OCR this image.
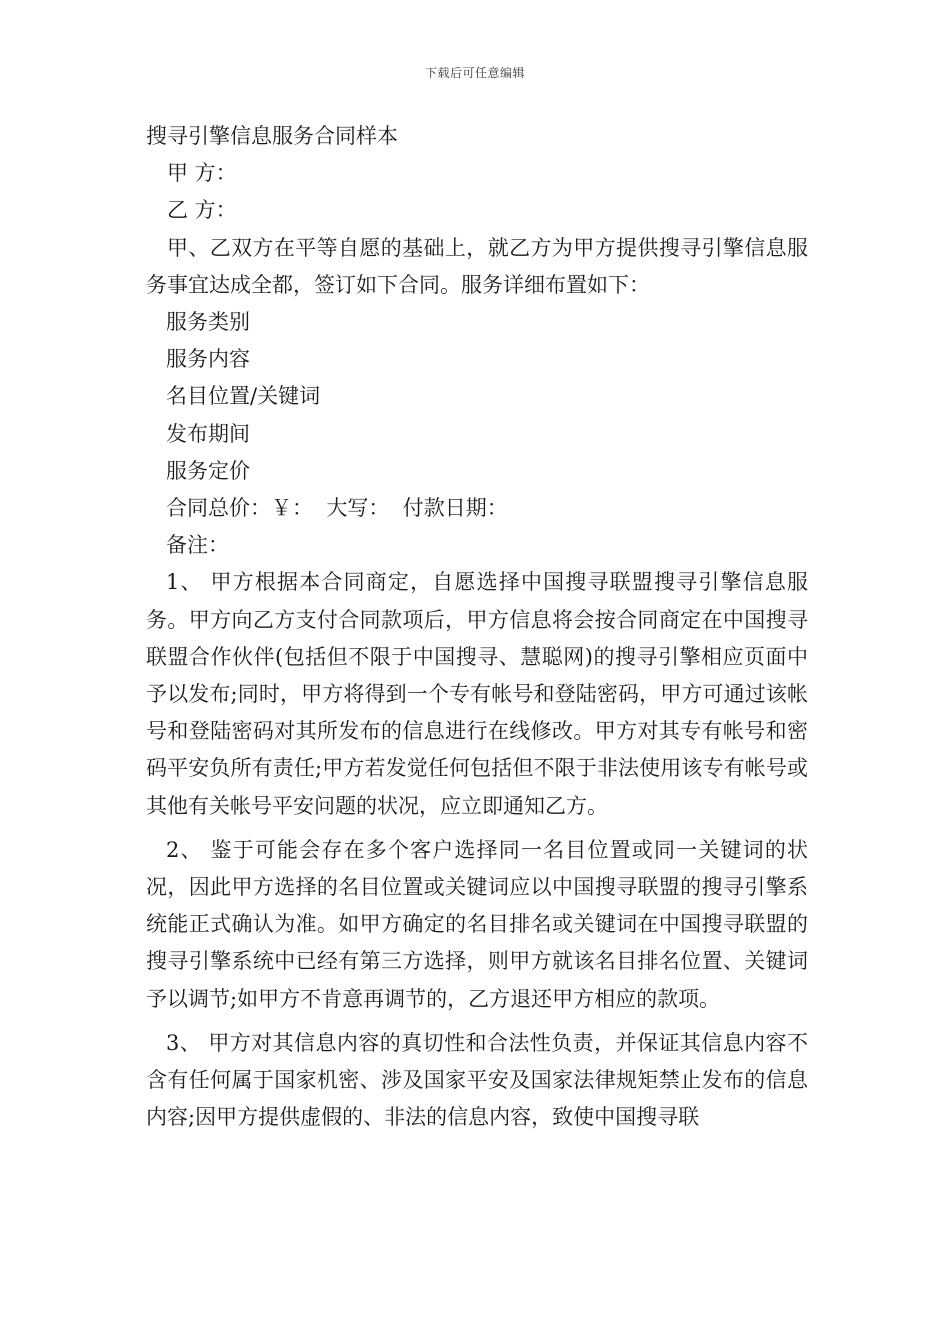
下载后可任意编辑

搜寻引擎信息服务合同样本

甲 方：

乙 方：

甲、乙双方在平等自愿的基础上，就乙方为甲方提供搜寻引擎信息服务事宜达成全都，签订如下合同。服务详细布置如下：

服务类别

服务内容

名目位置/关键词

发布期间

服务定价

合同总价：￥：  大写：  付款日期：

备注：

1、 甲方根据本合同商定，自愿选择中国搜寻联盟搜寻引擎信息服务。甲方向乙方支付合同款项后，甲方信息将会按合同商定在中国搜寻联盟合作伙伴(包括但不限于中国搜寻、慧聪网)的搜寻引擎相应页面中予以发布;同时，甲方将得到一个专有帐号和登陆密码，甲方可通过该帐号和登陆密码对其所发布的信息进行在线修改。甲方对其专有帐号和密码平安负所有责任;甲方若发觉任何包括但不限于非法使用该专有帐号或其他有关帐号平安问题的状况，应立即通知乙方。

2、 鉴于可能会存在多个客户选择同一名目位置或同一关键词的状况，因此甲方选择的名目位置或关键词应以中国搜寻联盟的搜寻引擎系统能正式确认为准。如甲方确定的名目排名或关键词在中国搜寻联盟的搜寻引擎系统中已经有第三方选择，则甲方就该名目排名位置、关键词予以调节;如甲方不肯意再调节的，乙方退还甲方相应的款项。

3、 甲方对其信息内容的真切性和合法性负责，并保证其信息内容不含有任何属于国家机密、涉及国家平安及国家法律规矩禁止发布的信息内容;因甲方提供虚假的、非法的信息内容，致使中国搜寻联
